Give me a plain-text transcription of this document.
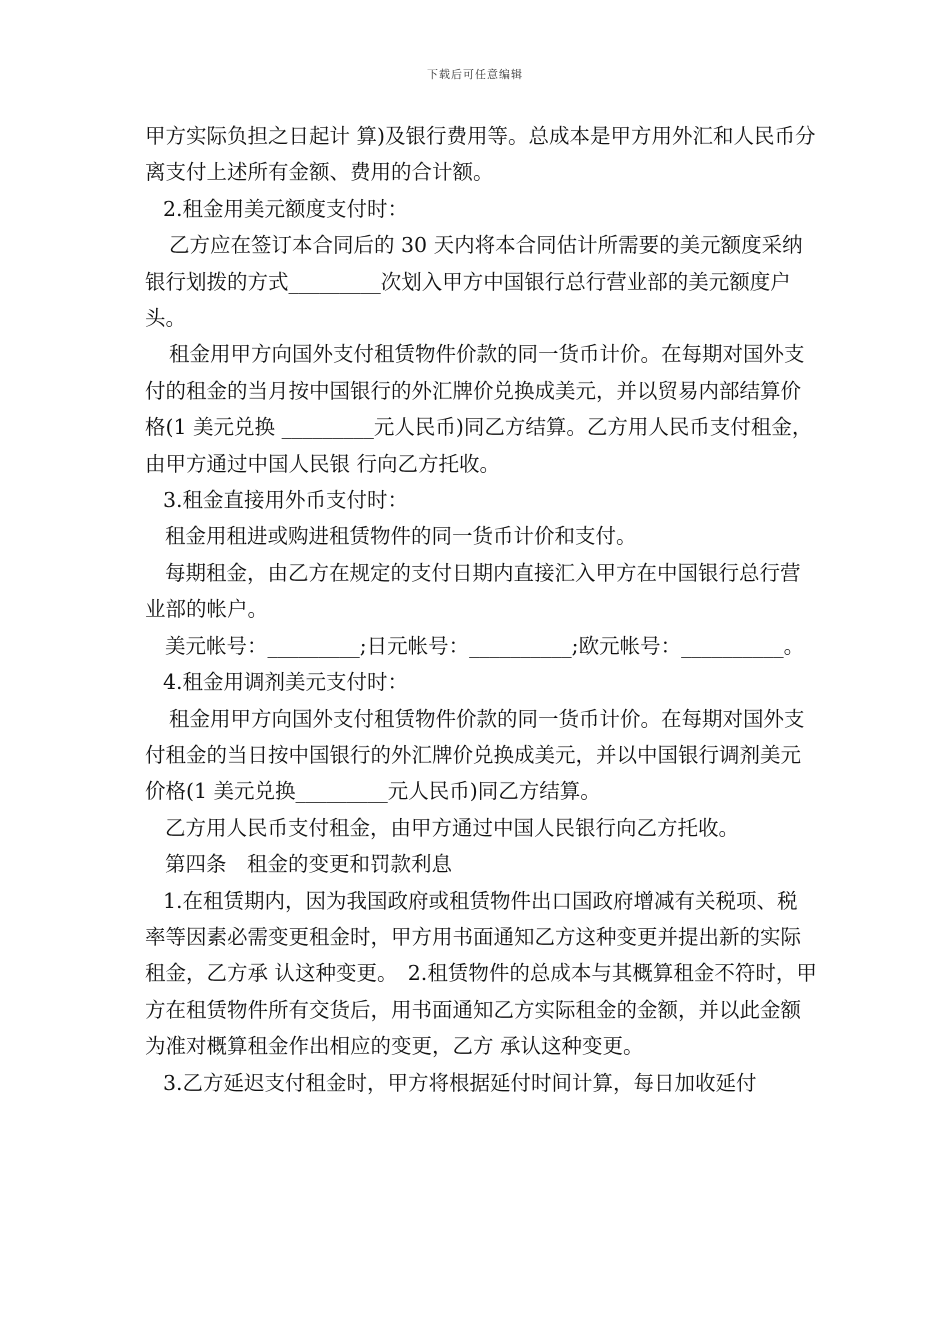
下载后可任意编辑

甲方实际负担之日起计 算)及银行费用等。总成本是甲方用外汇和人民币分离支付上述所有金额、费用的合计额。

2.租金用美元额度支付时：

乙方应在签订本合同后的 30 天内将本合同估计所需要的美元额度采纳银行划拨的方式_________次划入甲方中国银行总行营业部的美元额度户头。

租金用甲方向国外支付租赁物件价款的同一货币计价。在每期对国外支付的租金的当月按中国银行的外汇牌价兑换成美元，并以贸易内部结算价格(1 美元兑换 _________元人民币)同乙方结算。乙方用人民币支付租金，由甲方通过中国人民银 行向乙方托收。

3.租金直接用外币支付时：

租金用租进或购进租赁物件的同一货币计价和支付。

每期租金，由乙方在规定的支付日期内直接汇入甲方在中国银行总行营业部的帐户。

美元帐号：_________;日元帐号：__________;欧元帐号：__________。

4.租金用调剂美元支付时：

租金用甲方向国外支付租赁物件价款的同一货币计价。在每期对国外支付租金的当日按中国银行的外汇牌价兑换成美元，并以中国银行调剂美元价格(1 美元兑换_________元人民币)同乙方结算。

乙方用人民币支付租金，由甲方通过中国人民银行向乙方托收。

第四条　租金的变更和罚款利息

1.在租赁期内，因为我国政府或租赁物件出口国政府增减有关税项、税率等因素必需变更租金时，甲方用书面通知乙方这种变更并提出新的实际租金，乙方承 认这种变更。　2.租赁物件的总成本与其概算租金不符时，甲方在租赁物件所有交货后，用书面通知乙方实际租金的金额，并以此金额为准对概算租金作出相应的变更，乙方 承认这种变更。

3.乙方延迟支付租金时，甲方将根据延付时间计算，每日加收延付
